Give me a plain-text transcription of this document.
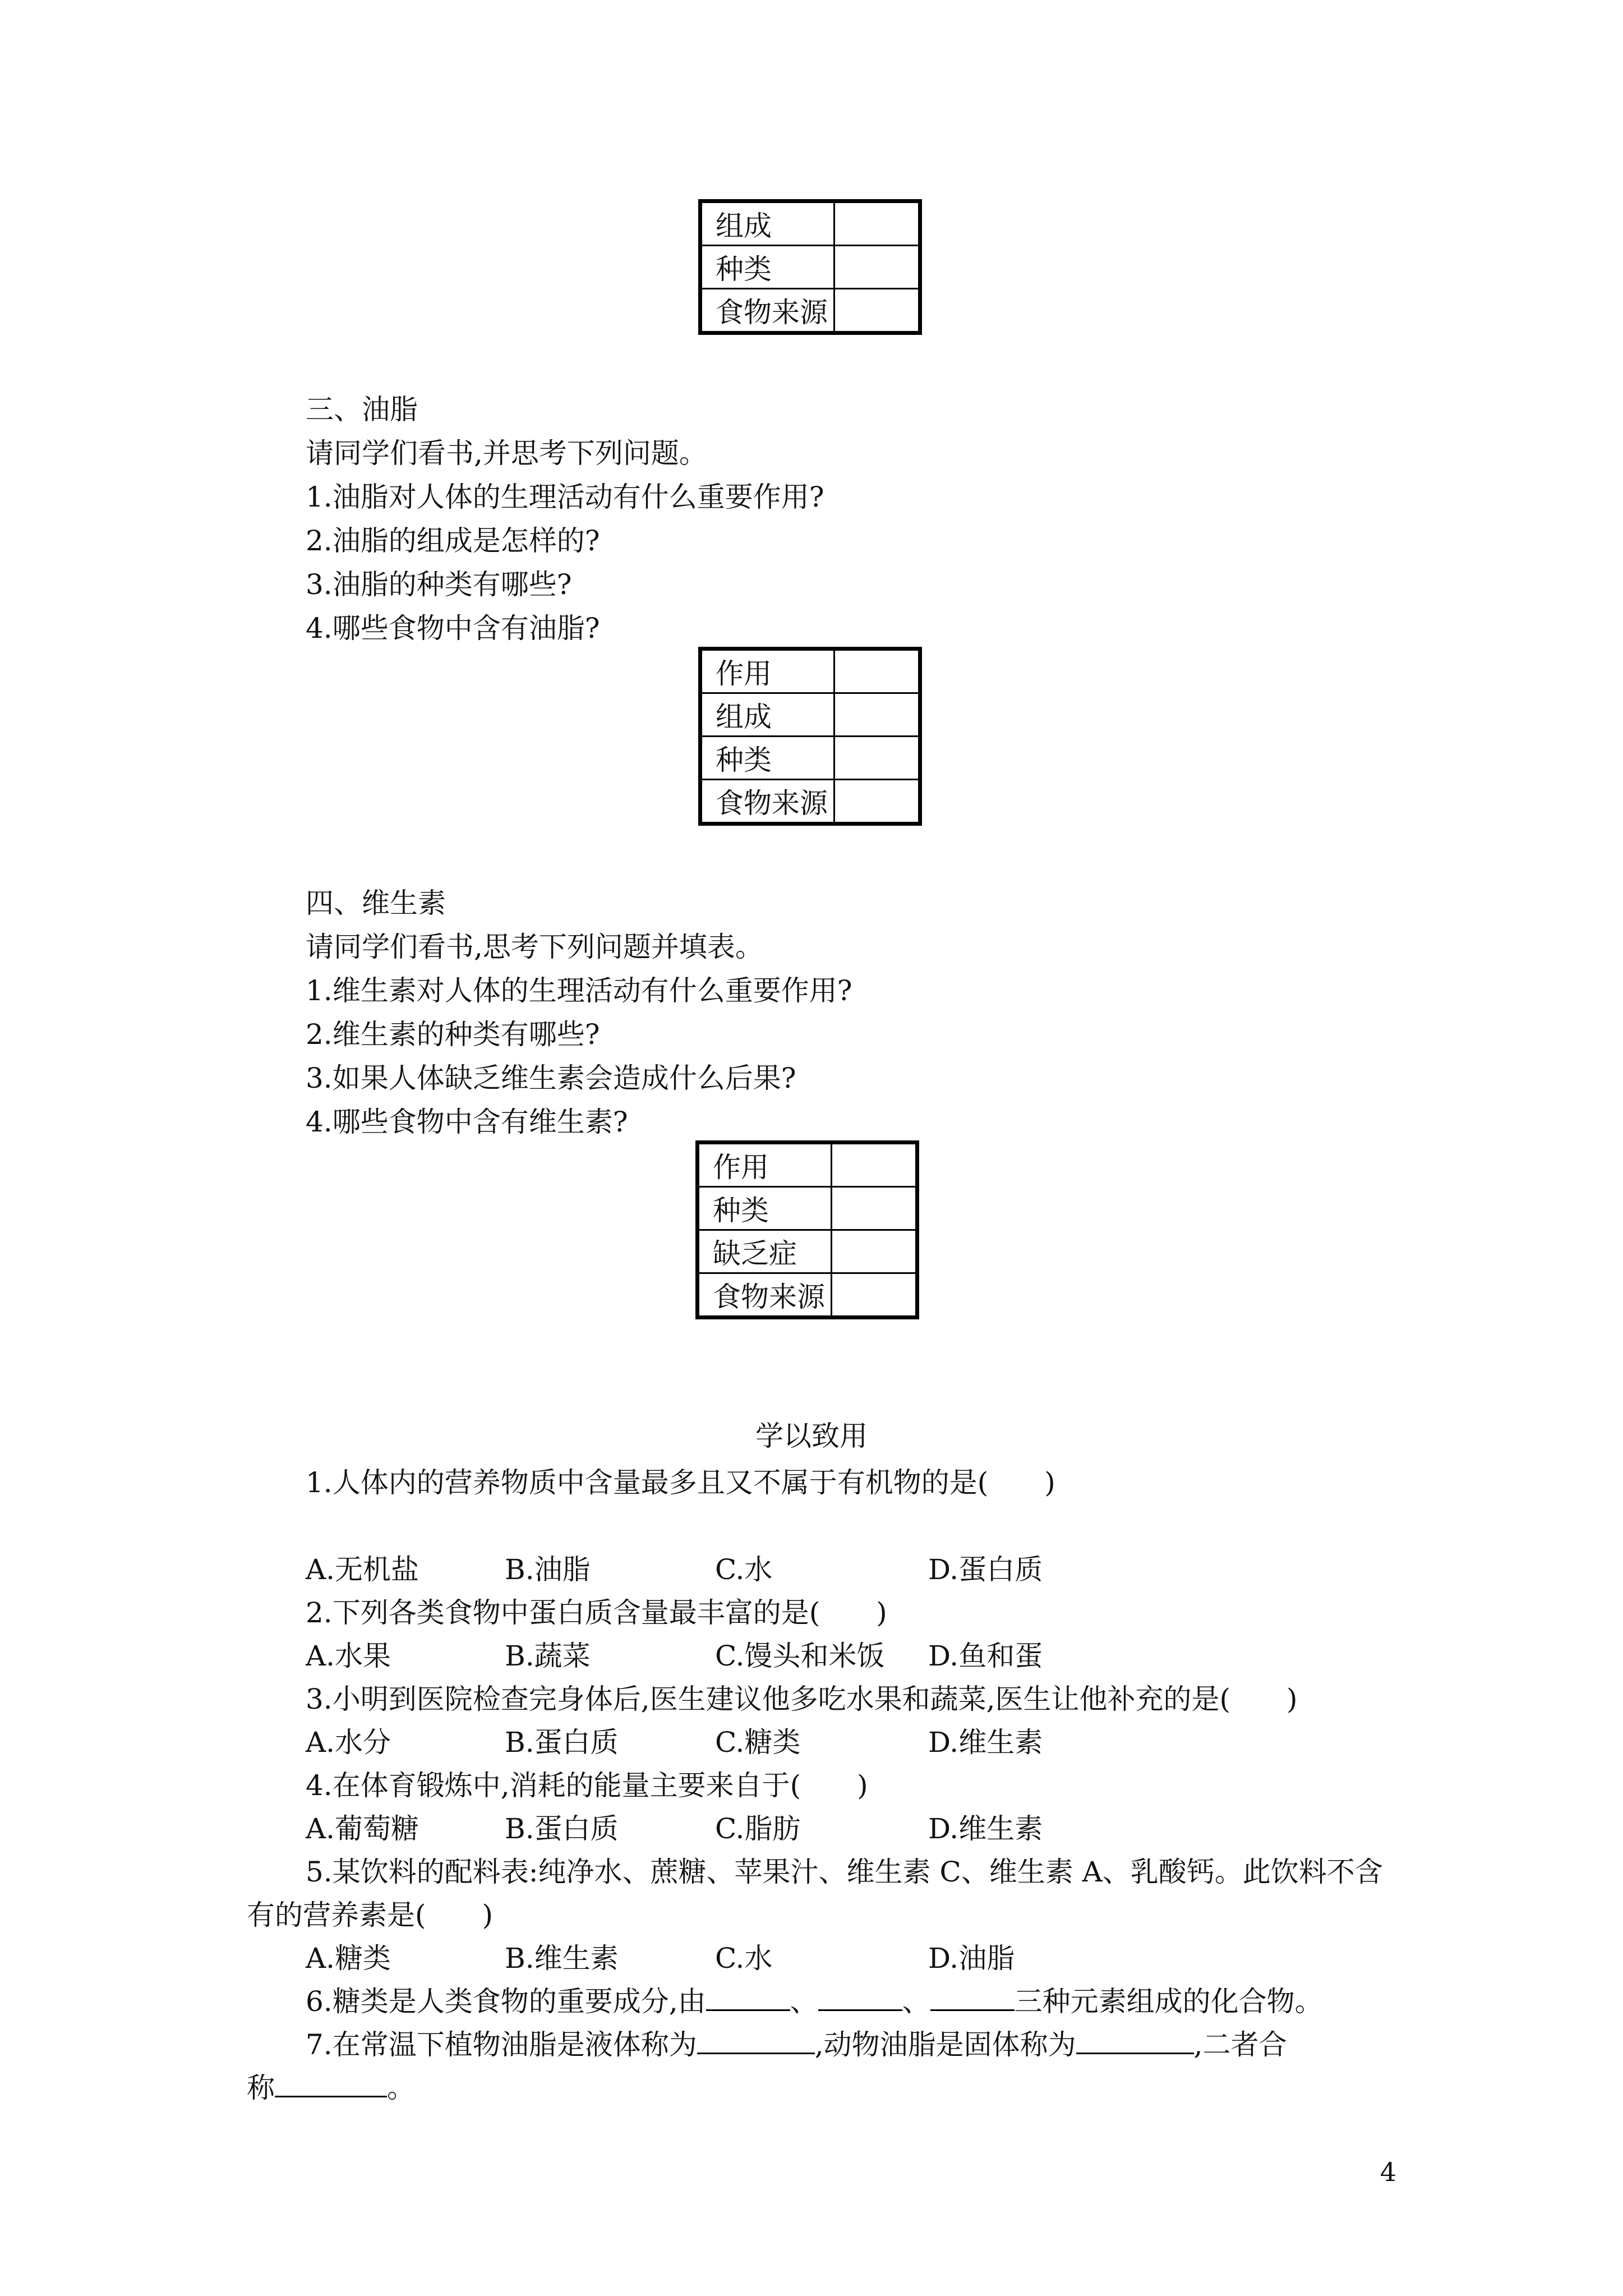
组成	
种类	
食物来源	
三、油脂
请同学们看书,并思考下列问题。
1.油脂对人体的生理活动有什么重要作用?
2.油脂的组成是怎样的?
3.油脂的种类有哪些?
4.哪些食物中含有油脂?
作用	
组成	
种类	
食物来源	
四、维生素
请同学们看书,思考下列问题并填表。
1.维生素对人体的生理活动有什么重要作用?
2.维生素的种类有哪些?
3.如果人体缺乏维生素会造成什么后果?
4.哪些食物中含有维生素?
作用	
种类	
缺乏症	
食物来源	
学以致用
1.人体内的营养物质中含量最多且又不属于有机物的是(　　)
A.无机盐	B.油脂	C.水	D.蛋白质
2.下列各类食物中蛋白质含量最丰富的是(　　)
A.水果	B.蔬菜	C.馒头和米饭 D.鱼和蛋
3.小明到医院检查完身体后,医生建议他多吃水果和蔬菜,医生让他补充的是(　　)
A.水分	B.蛋白质	C.糖类	D.维生素
4.在体育锻炼中,消耗的能量主要来自于(　　)
A.葡萄糖	B.蛋白质	C.脂肪	D.维生素
5.某饮料的配料表:纯净水、蔗糖、苹果汁、维生素 C、维生素 A、乳酸钙。此饮料不含
有的营养素是(　　)
A.糖类	B.维生素	C.水	D.油脂
6.糖类是人类食物的重要成分,由	、	、	三种元素组成的化合物。
7.在常温下植物油脂是液体称为	,动物油脂是固体称为	,二者合
称	。
4
